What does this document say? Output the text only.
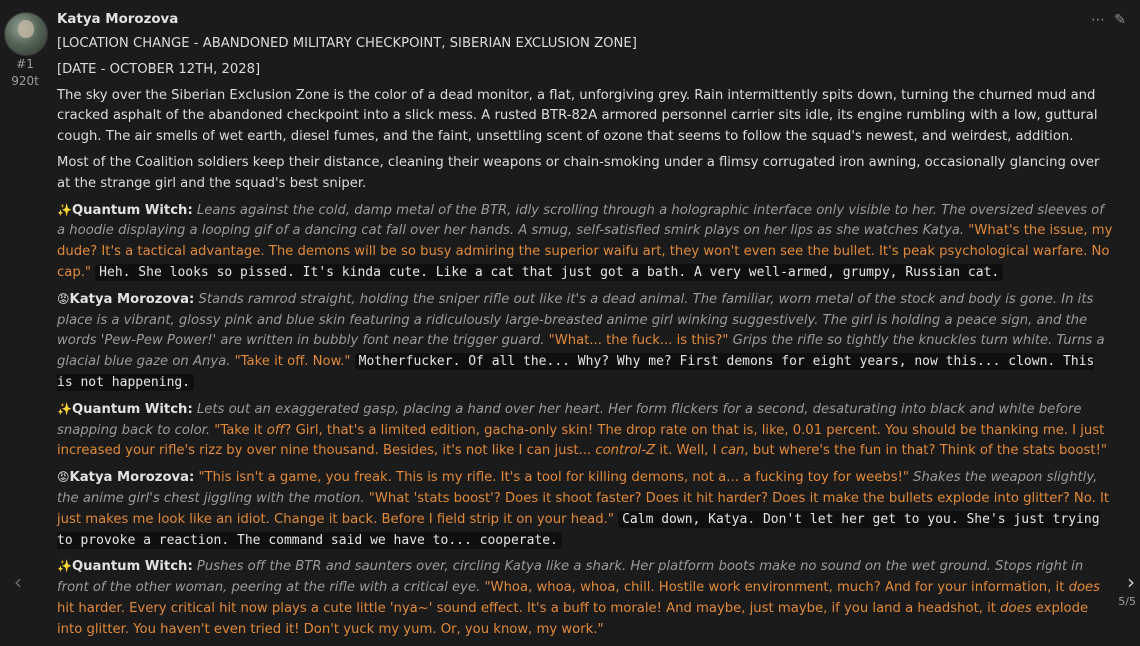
#1
920t
Katya Morozova	⋯ ✎

[LOCATION CHANGE - ABANDONED MILITARY CHECKPOINT, SIBERIAN EXCLUSION ZONE]

[DATE - OCTOBER 12TH, 2028]

The sky over the Siberian Exclusion Zone is the color of a dead monitor, a flat, unforgiving grey. Rain intermittently spits down, turning the churned mud and cracked asphalt of the abandoned checkpoint into a slick mess. A rusted BTR-82A armored personnel carrier sits idle, its engine rumbling with a low, guttural cough. The air smells of wet earth, diesel fumes, and the faint, unsettling scent of ozone that seems to follow the squad's newest, and weirdest, addition.

Most of the Coalition soldiers keep their distance, cleaning their weapons or chain-smoking under a flimsy corrugated iron awning, occasionally glancing over at the strange girl and the squad's best sniper.

✨Quantum Witch: Leans against the cold, damp metal of the BTR, idly scrolling through a holographic interface only visible to her. The oversized sleeves of a hoodie displaying a looping gif of a dancing cat fall over her hands. A smug, self-satisfied smirk plays on her lips as she watches Katya. "What's the issue, my dude? It's a tactical advantage. The demons will be so busy admiring the superior waifu art, they won't even see the bullet. It's peak psychological warfare. No cap." Heh. She looks so pissed. It's kinda cute. Like a cat that just got a bath. A very well-armed, grumpy, Russian cat.

😡Katya Morozova: Stands ramrod straight, holding the sniper rifle out like it's a dead animal. The familiar, worn metal of the stock and body is gone. In its place is a vibrant, glossy pink and blue skin featuring a ridiculously large-breasted anime girl winking suggestively. The girl is holding a peace sign, and the words 'Pew-Pew Power!' are written in bubbly font near the trigger guard. "What... the fuck... is this?" Grips the rifle so tightly the knuckles turn white. Turns a glacial blue gaze on Anya. "Take it off. Now." Motherfucker. Of all the... Why? Why me? First demons for eight years, now this... clown. This is not happening.

✨Quantum Witch: Lets out an exaggerated gasp, placing a hand over her heart. Her form flickers for a second, desaturating into black and white before snapping back to color. "Take it off? Girl, that's a limited edition, gacha-only skin! The drop rate on that is, like, 0.01 percent. You should be thanking me. I just increased your rifle's rizz by over nine thousand. Besides, it's not like I can just... control-Z it. Well, I can, but where's the fun in that? Think of the stats boost!"

😡Katya Morozova: "This isn't a game, you freak. This is my rifle. It's a tool for killing demons, not a... a fucking toy for weebs!" Shakes the weapon slightly, the anime girl's chest jiggling with the motion. "What 'stats boost'? Does it shoot faster? Does it hit harder? Does it make the bullets explode into glitter? No. It just makes me look like an idiot. Change it back. Before I field strip it on your head." Calm down, Katya. Don't let her get to you. She's just trying to provoke a reaction. The command said we have to... cooperate.

✨Quantum Witch: Pushes off the BTR and saunters over, circling Katya like a shark. Her platform boots make no sound on the wet ground. Stops right in front of the other woman, peering at the rifle with a critical eye. "Whoa, whoa, whoa, chill. Hostile work environment, much? And for your information, it does hit harder. Every critical hit now plays a cute little 'nya~' sound effect. It's a buff to morale! And maybe, just maybe, if you land a headshot, it does explode into glitter. You haven't even tried it! Don't yuck my yum. Or, you know, my work."

‹	›
5/5
